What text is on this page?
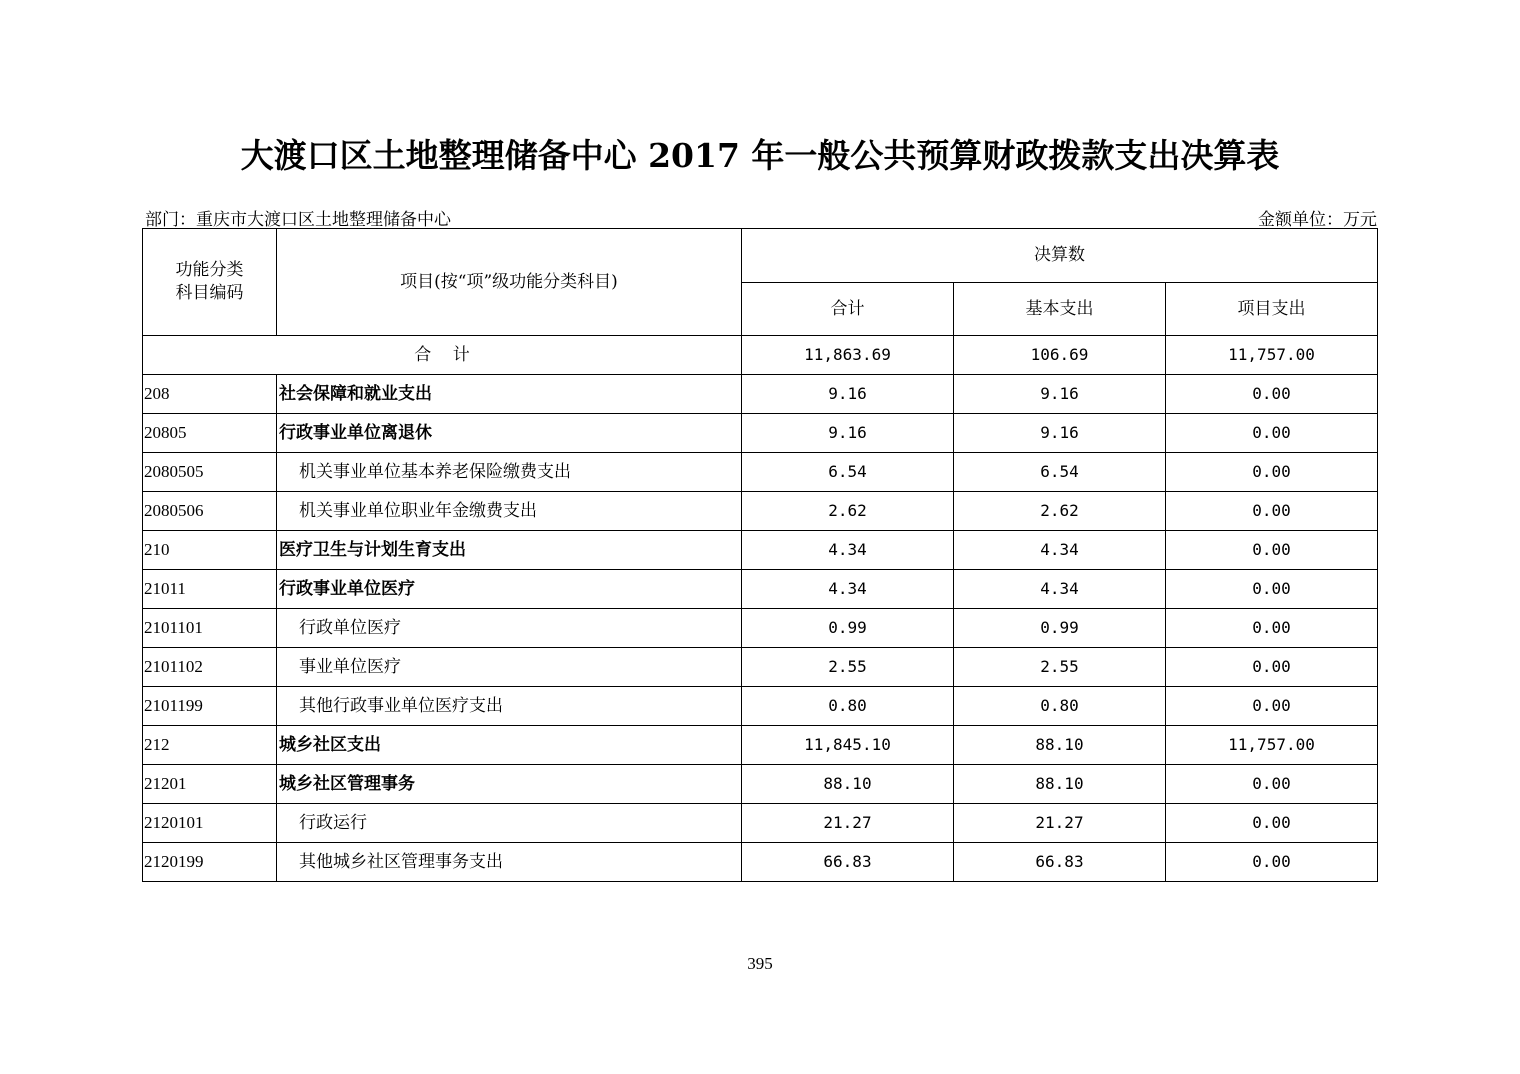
大渡口区土地整理储备中心 2017 年一般公共预算财政拨款支出决算表
部门：重庆市大渡口区土地整理储备中心	金额单位：万元
功能分类
科目编码	项目(按“项”级功能分类科目)	决算数		
		合计	基本支出	项目支出
合    计		11,863.69	106.69	11,757.00
208	社会保障和就业支出	9.16	9.16	0.00
20805	行政事业单位离退休	9.16	9.16	0.00
2080505	机关事业单位基本养老保险缴费支出	6.54	6.54	0.00
2080506	机关事业单位职业年金缴费支出	2.62	2.62	0.00
210	医疗卫生与计划生育支出	4.34	4.34	0.00
21011	行政事业单位医疗	4.34	4.34	0.00
2101101	行政单位医疗	0.99	0.99	0.00
2101102	事业单位医疗	2.55	2.55	0.00
2101199	其他行政事业单位医疗支出	0.80	0.80	0.00
212	城乡社区支出	11,845.10	88.10	11,757.00
21201	城乡社区管理事务	88.10	88.10	0.00
2120101	行政运行	21.27	21.27	0.00
2120199	其他城乡社区管理事务支出	66.83	66.83	0.00
395
